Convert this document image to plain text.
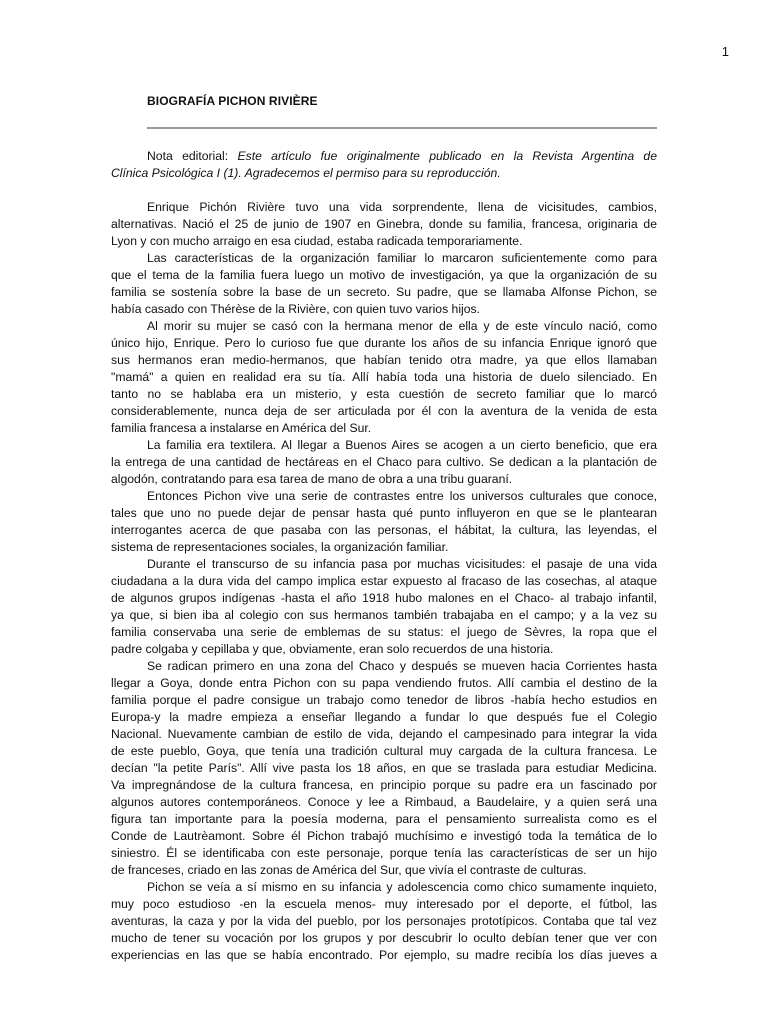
1
BIOGRAFÍA PICHON RIVIÈRE
Nota editorial: Este artículo fue originalmente publicado en la Revista Argentina de
Clínica Psicológica I (1). Agradecemos el permiso para su reproducción.
Enrique Pichón Rivière tuvo una vida sorprendente, llena de vicisitudes, cambios,
alternativas. Nació el 25 de junio de 1907 en Ginebra, donde su familia, francesa, originaria de
Lyon y con mucho arraigo en esa ciudad, estaba radicada temporariamente.
Las características de la organización familiar lo marcaron suficientemente como para
que el tema de la familia fuera luego un motivo de investigación, ya que la organización de su
familia se sostenía sobre la base de un secreto. Su padre, que se llamaba Alfonse Pichon, se
había casado con Thérèse de la Rivière, con quien tuvo varios hijos.
Al morir su mujer se casó con la hermana menor de ella y de este vínculo nació, como
único hijo, Enrique. Pero lo curioso fue que durante los años de su infancia Enrique ignoró que
sus hermanos eran medio-hermanos, que habían tenido otra madre, ya que ellos llamaban
"mamá" a quien en realidad era su tía. Allí había toda una historia de duelo silenciado. En
tanto no se hablaba era un misterio, y esta cuestión de secreto familiar que lo marcó
considerablemente, nunca deja de ser articulada por él con la aventura de la venida de esta
familia francesa a instalarse en América del Sur.
La familia era textilera. Al llegar a Buenos Aires se acogen a un cierto beneficio, que era
la entrega de una cantidad de hectáreas en el Chaco para cultivo. Se dedican a la plantación de
algodón, contratando para esa tarea de mano de obra a una tribu guaraní.
Entonces Pichon vive una serie de contrastes entre los universos culturales que conoce,
tales que uno no puede dejar de pensar hasta qué punto influyeron en que se le plantearan
interrogantes acerca de que pasaba con las personas, el hábitat, la cultura, las leyendas, el
sistema de representaciones sociales, la organización familiar.
Durante el transcurso de su infancia pasa por muchas vicisitudes: el pasaje de una vida
ciudadana a la dura vida del campo implica estar expuesto al fracaso de las cosechas, al ataque
de algunos grupos indígenas -hasta el año 1918 hubo malones en el Chaco- al trabajo infantil,
ya que, si bien iba al colegio con sus hermanos también trabajaba en el campo; y a la vez su
familia conservaba una serie de emblemas de su status: el juego de Sèvres, la ropa que el
padre colgaba y cepillaba y que, obviamente, eran solo recuerdos de una historia.
Se radican primero en una zona del Chaco y después se mueven hacia Corrientes hasta
llegar a Goya, donde entra Pichon con su papa vendiendo frutos. Allí cambia el destino de la
familia porque el padre consigue un trabajo como tenedor de libros -había hecho estudios en
Europa-y la madre empieza a enseñar llegando a fundar lo que después fue el Colegio
Nacional. Nuevamente cambian de estilo de vida, dejando el campesinado para integrar la vida
de este pueblo, Goya, que tenía una tradición cultural muy cargada de la cultura francesa. Le
decían "la petite París". Allí vive pasta los 18 años, en que se traslada para estudiar Medicina.
Va impregnándose de la cultura francesa, en principio porque su padre era un fascinado por
algunos autores contemporáneos. Conoce y lee a Rimbaud, a Baudelaire, y a quien será una
figura tan importante para la poesía moderna, para el pensamiento surrealista como es el
Conde de Lautrèamont. Sobre él Pichon trabajó muchísimo e investigó toda la temática de lo
siniestro. Él se identificaba con este personaje, porque tenía las características de ser un hijo
de franceses, criado en las zonas de América del Sur, que vivía el contraste de culturas.
Pichon se veía a sí mismo en su infancia y adolescencia como chico sumamente inquieto,
muy poco estudioso -en la escuela menos- muy interesado por el deporte, el fútbol, las
aventuras, la caza y por la vida del pueblo, por los personajes prototípicos. Contaba que tal vez
mucho de tener su vocación por los grupos y por descubrir lo oculto debían tener que ver con
experiencias en las que se había encontrado. Por ejemplo, su madre recibía los días jueves a
